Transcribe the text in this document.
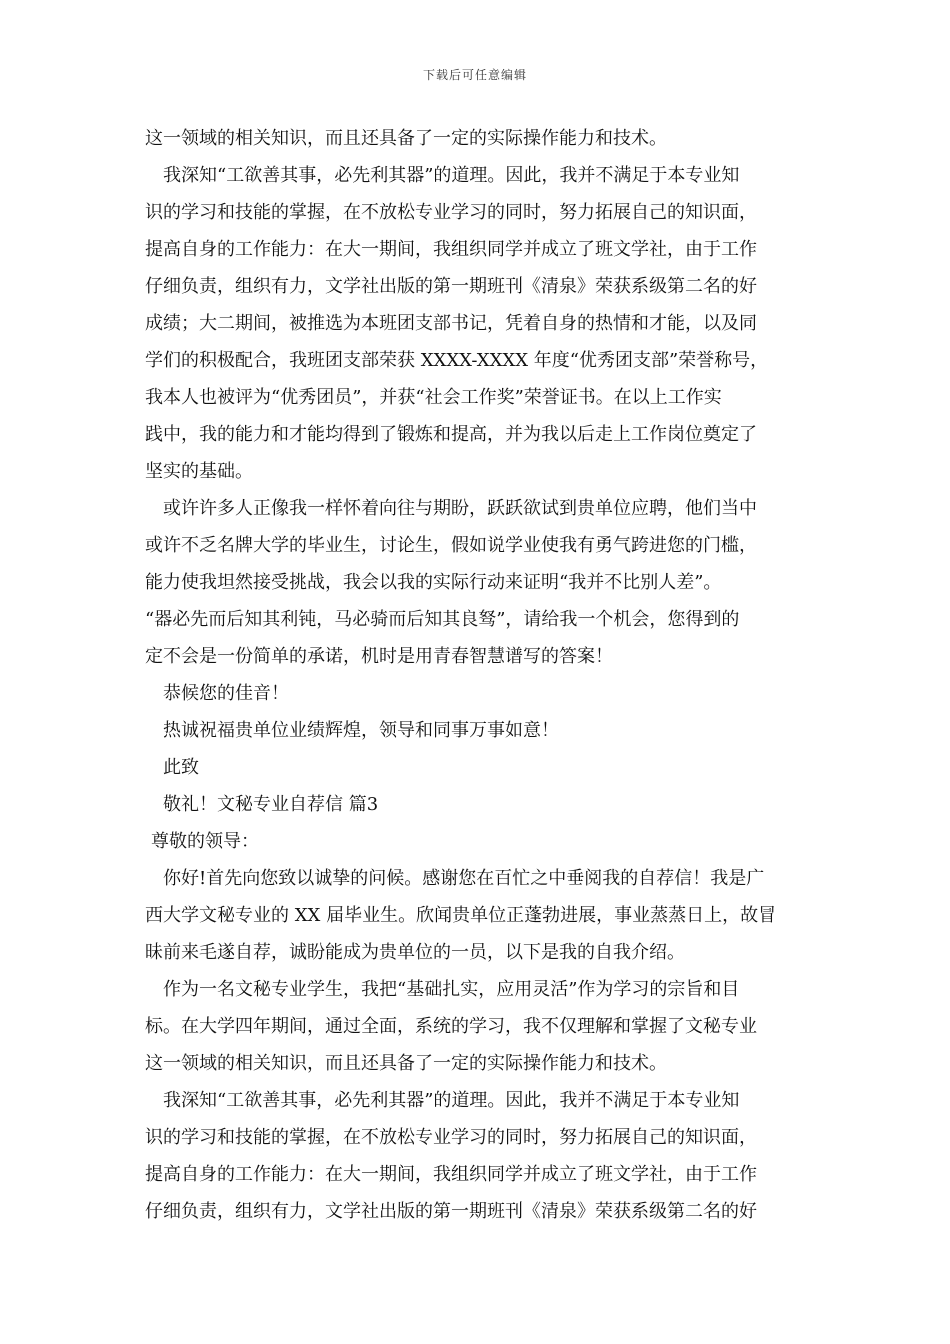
下载后可任意编辑
这一领域的相关知识，而且还具备了一定的实际操作能力和技术。
我深知“工欲善其事，必先利其器”的道理。因此，我并不满足于本专业知
识的学习和技能的掌握，在不放松专业学习的同时，努力拓展自己的知识面，
提高自身的工作能力：在大一期间，我组织同学并成立了班文学社，由于工作
仔细负责，组织有力，文学社出版的第一期班刊《清泉》荣获系级第二名的好
成绩；大二期间，被推选为本班团支部书记，凭着自身的热情和才能，以及同
学们的积极配合，我班团支部荣获 XXXX-XXXX 年度“优秀团支部”荣誉称号，
我本人也被评为“优秀团员”，并获“社会工作奖”荣誉证书。在以上工作实
践中，我的能力和才能均得到了锻炼和提高，并为我以后走上工作岗位奠定了
坚实的基础。
或许许多人正像我一样怀着向往与期盼，跃跃欲试到贵单位应聘，他们当中
或许不乏名牌大学的毕业生，讨论生，假如说学业使我有勇气跨进您的门槛，
能力使我坦然接受挑战，我会以我的实际行动来证明“我并不比别人差”。
“器必先而后知其利钝，马必骑而后知其良驽”，请给我一个机会，您得到的
定不会是一份简单的承诺，机时是用青春智慧谱写的答案！
恭候您的佳音！
热诚祝福贵单位业绩辉煌，领导和同事万事如意！
此致
敬礼！文秘专业自荐信 篇3
尊敬的领导：
你好!首先向您致以诚挚的问候。感谢您在百忙之中垂阅我的自荐信！我是广
西大学文秘专业的 XX 届毕业生。欣闻贵单位正蓬勃进展，事业蒸蒸日上，故冒
昧前来毛遂自荐，诚盼能成为贵单位的一员，以下是我的自我介绍。
作为一名文秘专业学生，我把“基础扎实，应用灵活”作为学习的宗旨和目
标。在大学四年期间，通过全面，系统的学习，我不仅理解和掌握了文秘专业
这一领域的相关知识，而且还具备了一定的实际操作能力和技术。
我深知“工欲善其事，必先利其器”的道理。因此，我并不满足于本专业知
识的学习和技能的掌握，在不放松专业学习的同时，努力拓展自己的知识面，
提高自身的工作能力：在大一期间，我组织同学并成立了班文学社，由于工作
仔细负责，组织有力，文学社出版的第一期班刊《清泉》荣获系级第二名的好
